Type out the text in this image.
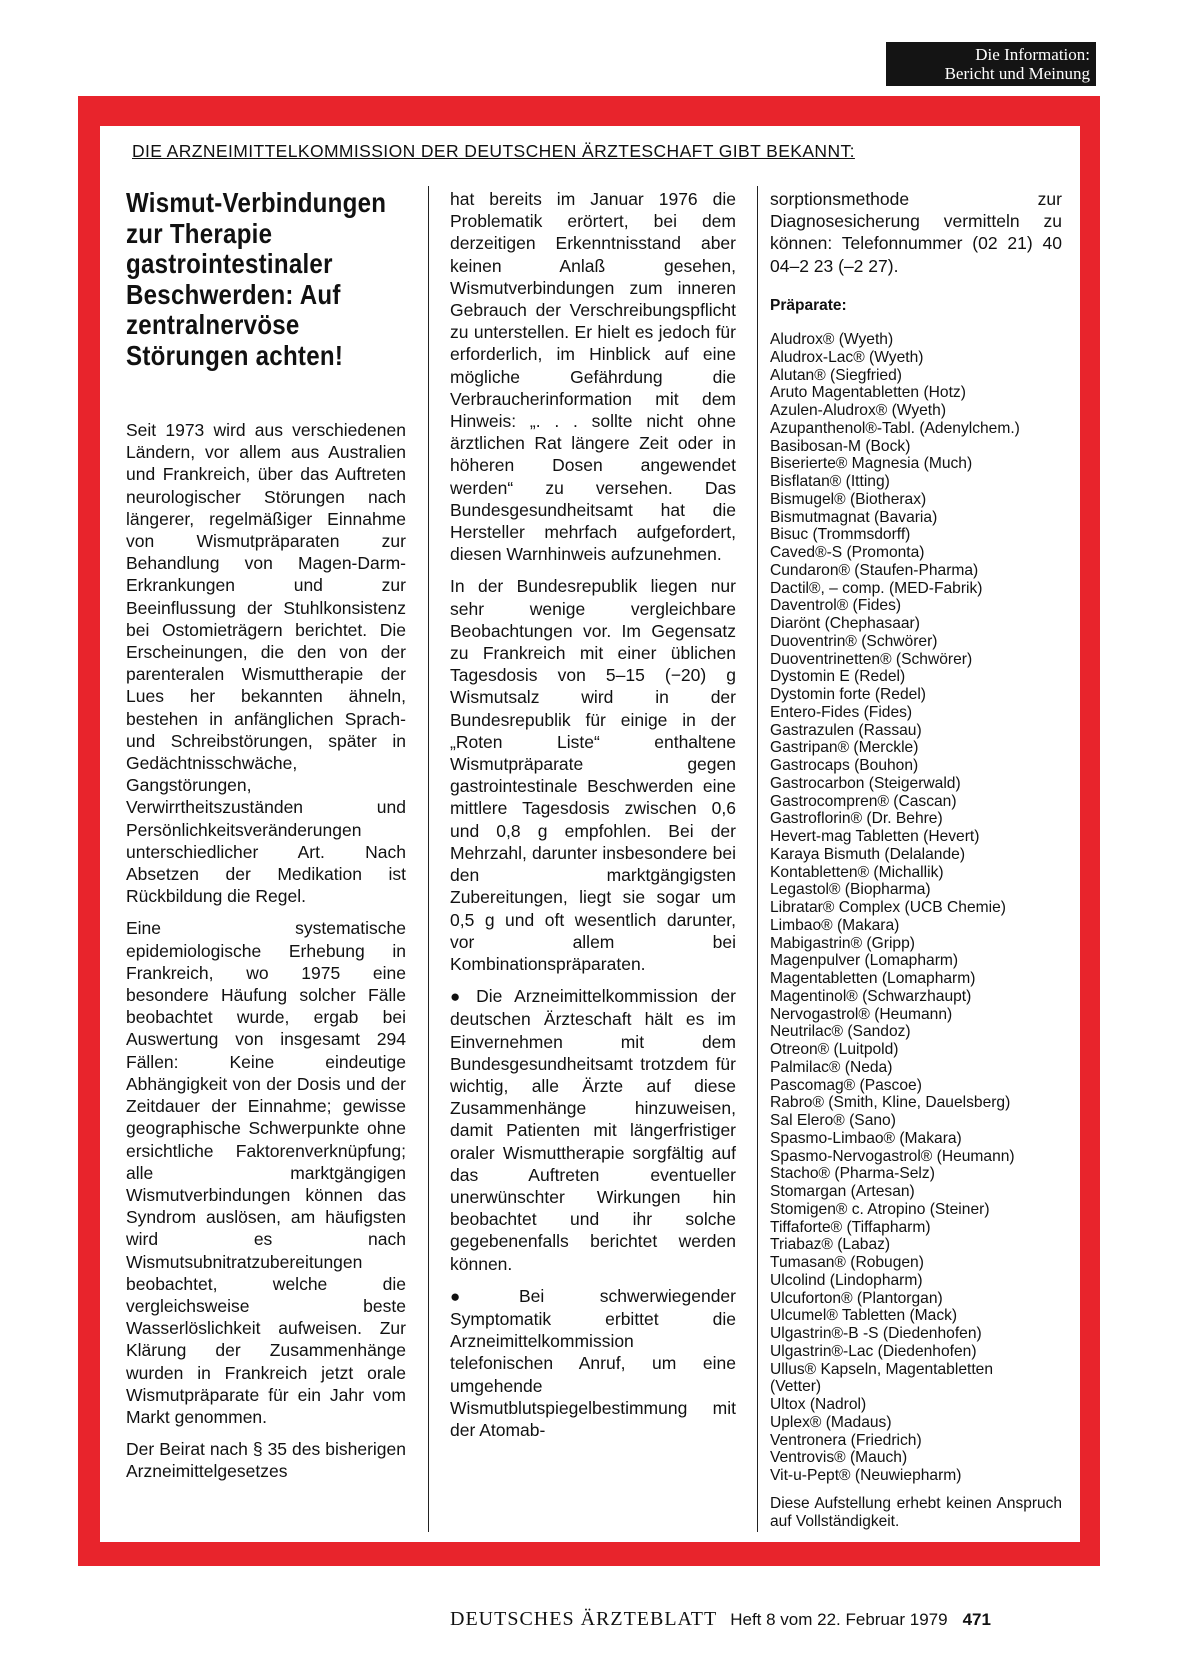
Die Information:
Bericht und Meinung
DIE ARZNEIMITTELKOMMISSION DER DEUTSCHEN ÄRZTESCHAFT GIBT BEKANNT:
Wismut-Verbindungen zur Therapie gastrointestinaler Beschwerden: Auf zentralnervöse Störungen achten!

Seit 1973 wird aus verschiedenen Ländern, vor allem aus Australien und Frankreich, über das Auftreten neurologischer Störungen nach längerer, regelmäßiger Einnahme von Wismutpräparaten zur Behandlung von Magen-Darm-Erkrankungen und zur Beeinflussung der Stuhlkonsistenz bei Ostomieträgern berichtet. Die Erscheinungen, die den von der parenteralen Wismuttherapie der Lues her bekannten ähneln, bestehen in anfänglichen Sprach- und Schreibstörungen, später in Gedächtnisschwäche, Gangstörungen, Verwirrtheitszuständen und Persönlichkeitsveränderungen unterschiedlicher Art. Nach Absetzen der Medikation ist Rückbildung die Regel.

Eine systematische epidemiologische Erhebung in Frankreich, wo 1975 eine besondere Häufung solcher Fälle beobachtet wurde, ergab bei Auswertung von insgesamt 294 Fällen: Keine eindeutige Abhängigkeit von der Dosis und der Zeitdauer der Einnahme; gewisse geographische Schwerpunkte ohne ersichtliche Faktorenverknüpfung; alle marktgängigen Wismutverbindungen können das Syndrom auslösen, am häufigsten wird es nach Wismutsubnitratzubereitungen beobachtet, welche die vergleichsweise beste Wasserlöslichkeit aufweisen. Zur Klärung der Zusammenhänge wurden in Frankreich jetzt orale Wismutpräparate für ein Jahr vom Markt genommen.

Der Beirat nach § 35 des bisherigen Arzneimittelgesetzes

hat bereits im Januar 1976 die Problematik erörtert, bei dem derzeitigen Erkenntnisstand aber keinen Anlaß gesehen, Wismutverbindungen zum inneren Gebrauch der Verschreibungspflicht zu unterstellen. Er hielt es jedoch für erforderlich, im Hinblick auf eine mögliche Gefährdung die Verbraucherinformation mit dem Hinweis: „. . . sollte nicht ohne ärztlichen Rat längere Zeit oder in höheren Dosen angewendet werden“ zu versehen. Das Bundesgesundheitsamt hat die Hersteller mehrfach aufgefordert, diesen Warnhinweis aufzunehmen.

In der Bundesrepublik liegen nur sehr wenige vergleichbare Beobachtungen vor. Im Gegensatz zu Frankreich mit einer üblichen Tagesdosis von 5–15 (−20) g Wismutsalz wird in der Bundesrepublik für einige in der „Roten Liste“ enthaltene Wismutpräparate gegen gastrointestinale Beschwerden eine mittlere Tagesdosis zwischen 0,6 und 0,8 g empfohlen. Bei der Mehrzahl, darunter insbesondere bei den marktgängigsten Zubereitungen, liegt sie sogar um 0,5 g und oft wesentlich darunter, vor allem bei Kombinationspräparaten.

● Die Arzneimittelkommission der deutschen Ärzteschaft hält es im Einvernehmen mit dem Bundesgesundheitsamt trotzdem für wichtig, alle Ärzte auf diese Zusammenhänge hinzuweisen, damit Patienten mit längerfristiger oraler Wismuttherapie sorgfältig auf das Auftreten eventueller unerwünschter Wirkungen hin beobachtet und ihr solche gegebenenfalls berichtet werden können.

● Bei schwerwiegender Symptomatik erbittet die Arzneimittelkommission telefonischen Anruf, um eine umgehende Wismutblutspiegelbestimmung mit der Atomab-

sorptionsmethode zur Diagnosesicherung vermitteln zu können: Telefonnummer (02 21) 40 04–2 23 (–2 27).

Präparate:
Aludrox® (Wyeth)
Aludrox-Lac® (Wyeth)
Alutan® (Siegfried)
Aruto Magentabletten (Hotz)
Azulen-Aludrox® (Wyeth)
Azupanthenol®-Tabl. (Adenylchem.)
Basibosan-M (Bock)
Biserierte® Magnesia (Much)
Bisflatan® (Itting)
Bismugel® (Biotherax)
Bismutmagnat (Bavaria)
Bisuc (Trommsdorff)
Caved®-S (Promonta)
Cundaron® (Staufen-Pharma)
Dactil®, – comp. (MED-Fabrik)
Daventrol® (Fides)
Diarönt (Chephasaar)
Duoventrin® (Schwörer)
Duoventrinetten® (Schwörer)
Dystomin E (Redel)
Dystomin forte (Redel)
Entero-Fides (Fides)
Gastrazulen (Rassau)
Gastripan® (Merckle)
Gastrocaps (Bouhon)
Gastrocarbon (Steigerwald)
Gastrocompren® (Cascan)
Gastroflorin® (Dr. Behre)
Hevert-mag Tabletten (Hevert)
Karaya Bismuth (Delalande)
Kontabletten® (Michallik)
Legastol® (Biopharma)
Libratar® Complex (UCB Chemie)
Limbao® (Makara)
Mabigastrin® (Gripp)
Magenpulver (Lomapharm)
Magentabletten (Lomapharm)
Magentinol® (Schwarzhaupt)
Nervogastrol® (Heumann)
Neutrilac® (Sandoz)
Otreon® (Luitpold)
Palmilac® (Neda)
Pascomag® (Pascoe)
Rabro® (Smith, Kline, Dauelsberg)
Sal Elero® (Sano)
Spasmo-Limbao® (Makara)
Spasmo-Nervogastrol® (Heumann)
Stacho® (Pharma-Selz)
Stomargan (Artesan)
Stomigen® c. Atropino (Steiner)
Tiffaforte® (Tiffapharm)
Triabaz® (Labaz)
Tumasan® (Robugen)
Ulcolind (Lindopharm)
Ulcuforton® (Plantorgan)
Ulcumel® Tabletten (Mack)
Ulgastrin®-B -S (Diedenhofen)
Ulgastrin®-Lac (Diedenhofen)
Ullus® Kapseln, Magentabletten
(Vetter)
Ultox (Nadrol)
Uplex® (Madaus)
Ventronera (Friedrich)
Ventrovis® (Mauch)
Vit-u-Pept® (Neuwiepharm)
Diese Aufstellung erhebt keinen Anspruch auf Vollständigkeit.
DEUTSCHES ÄRZTEBLATT Heft 8 vom 22. Februar 1979 471
